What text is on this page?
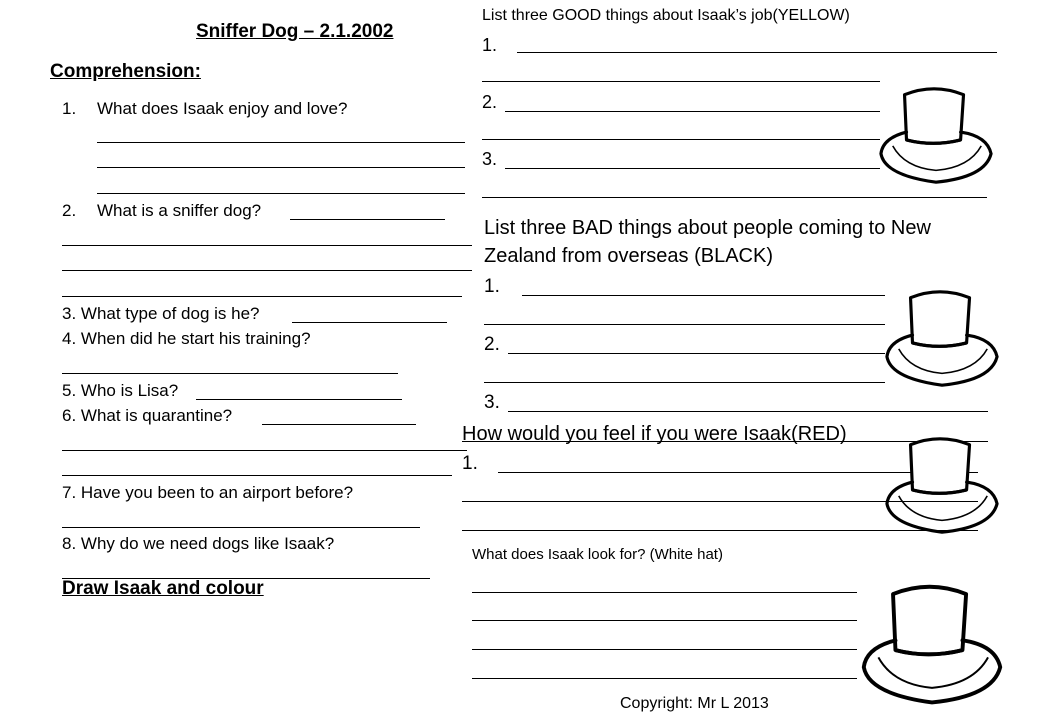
Sniffer Dog – 2.1.2002
Comprehension:
1. What does Isaak enjoy and love?
2. What is a sniffer dog?
3. What type of dog is he?
4. When did he start his training?
5. Who is Lisa?
6. What is quarantine?
7. Have you been to an airport before?
8. Why do we need dogs like Isaak?
Draw Isaak and colour
List three GOOD things about Isaak’s job(YELLOW)
1.
2.
3.
List three BAD things about people coming to New
Zealand from overseas (BLACK)
1.
2.
3.
How would you feel if you were Isaak(RED)
1.
What does Isaak look for? (White hat)
Copyright: Mr L 2013
